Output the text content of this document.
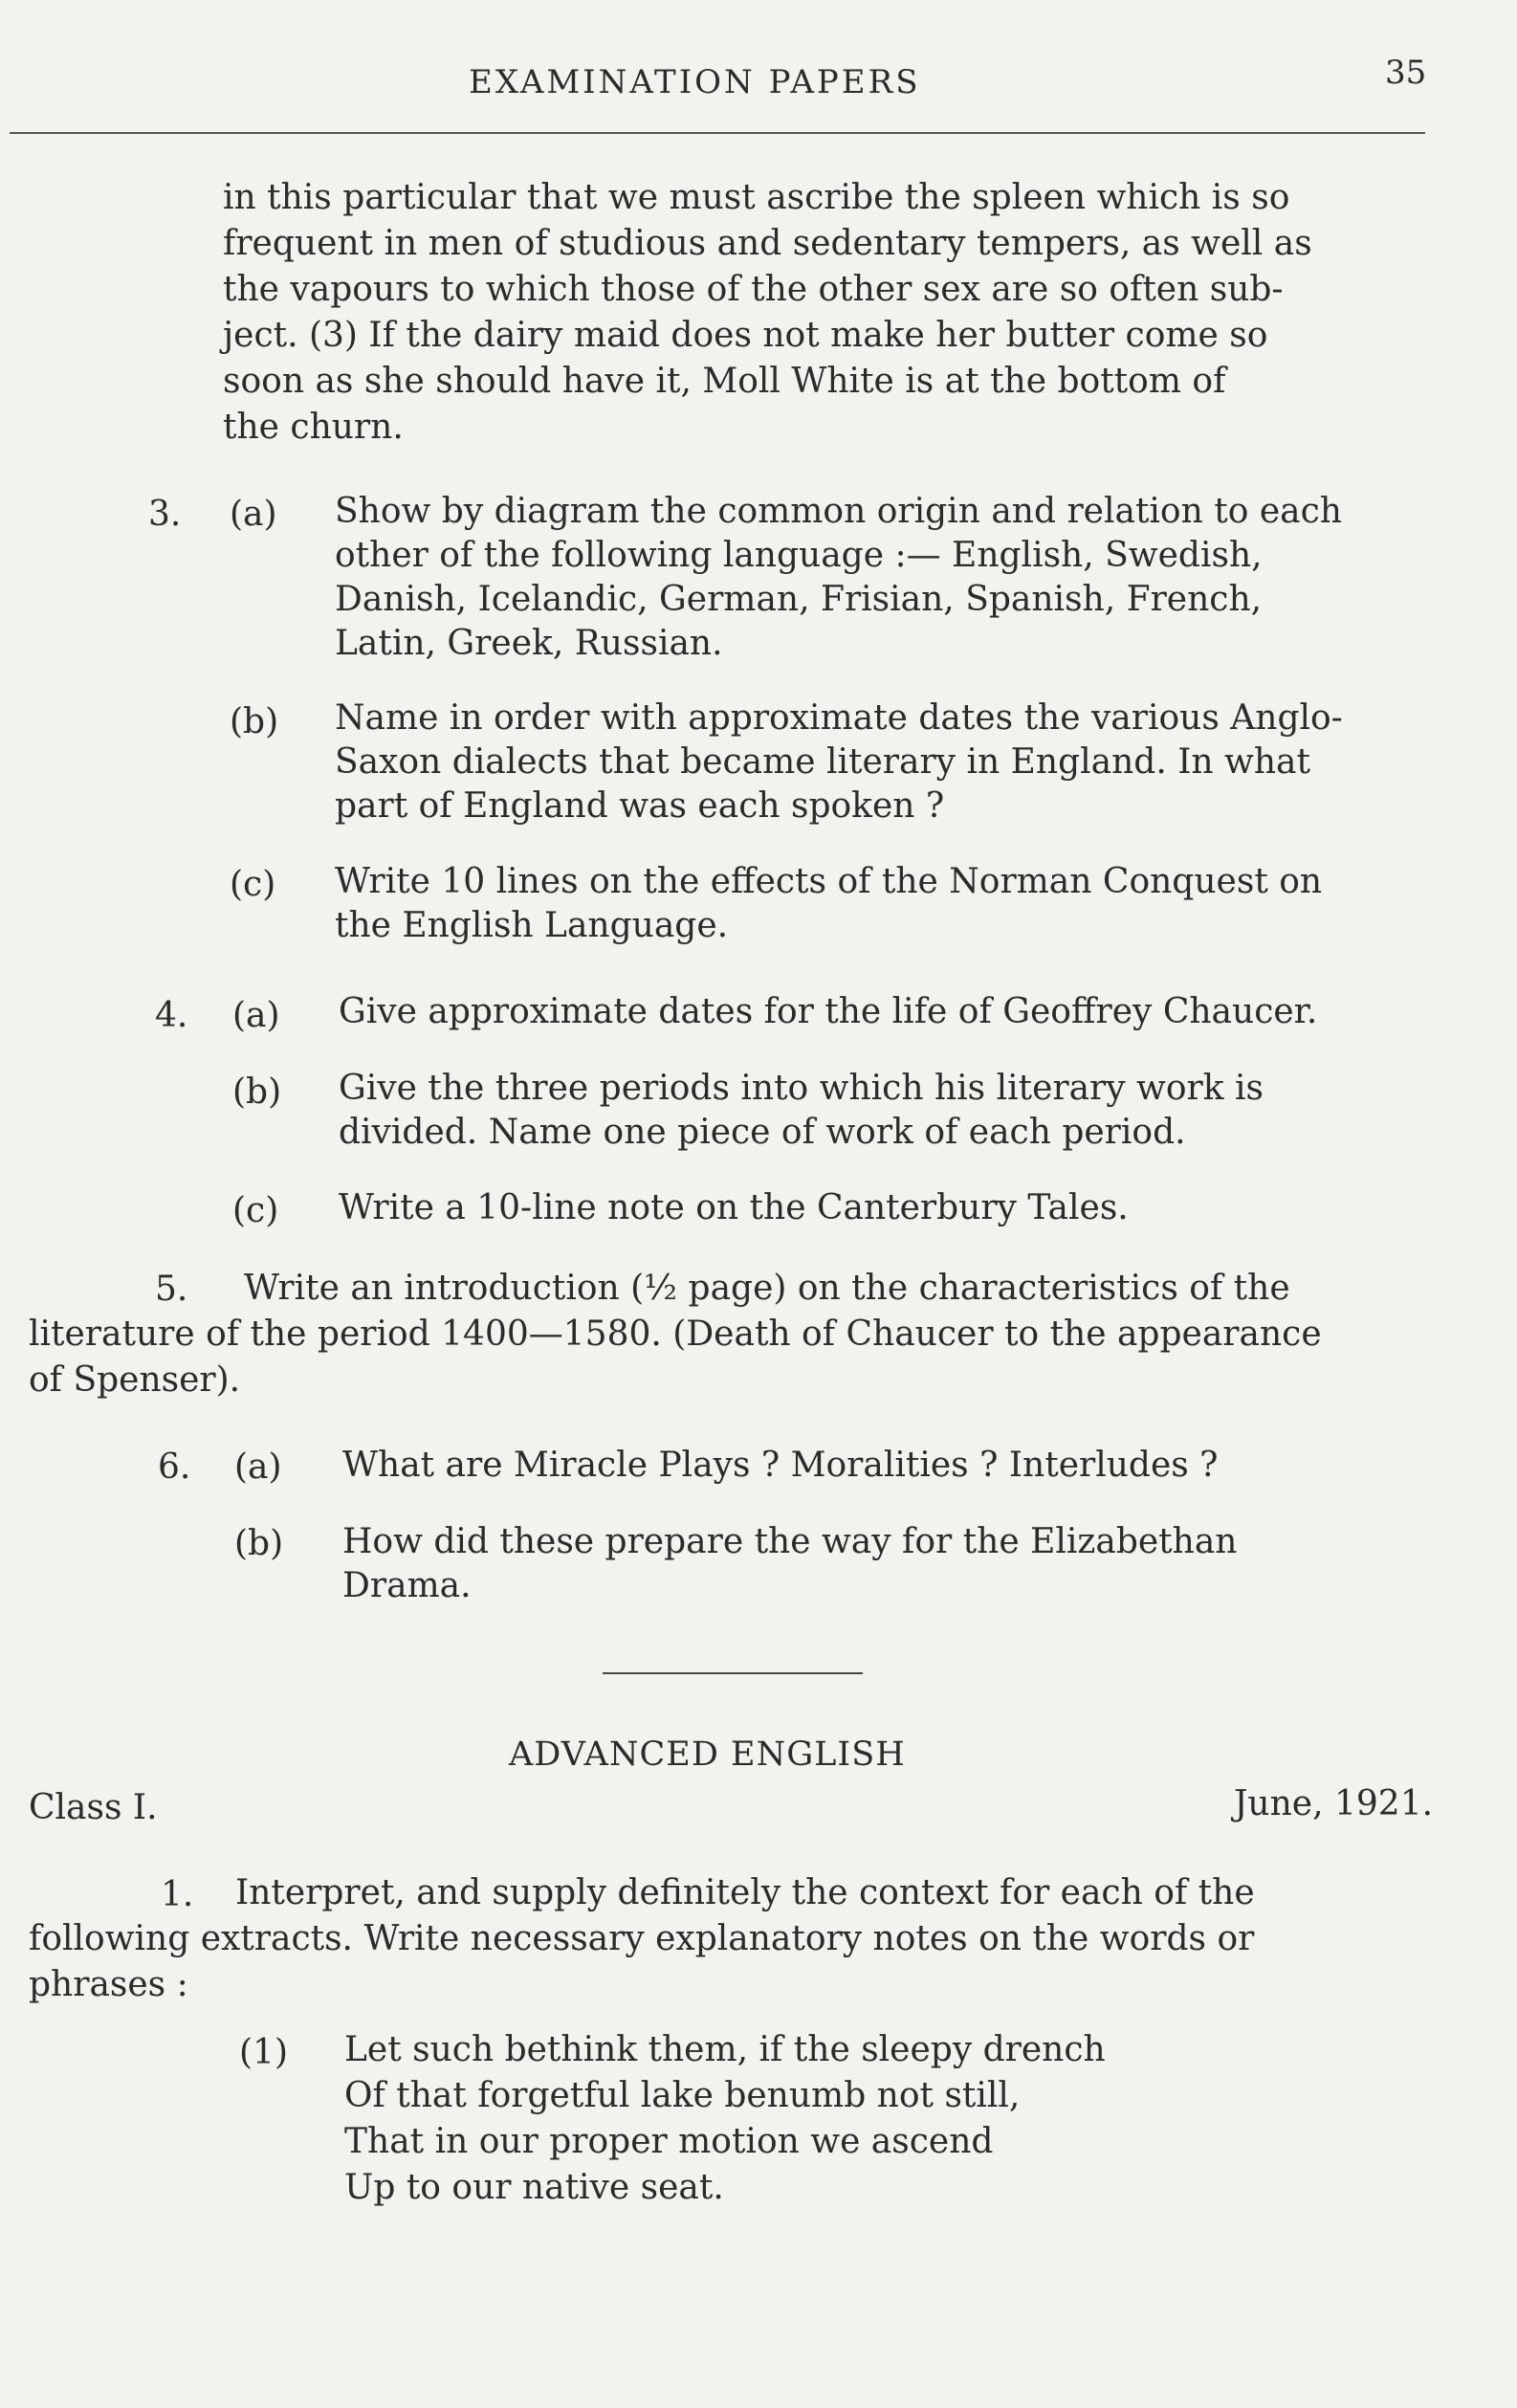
EXAMINATION PAPERS	35
in this particular that we must ascribe the spleen which is so
frequent in men of studious and sedentary tempers, as well as
the vapours to which those of the other sex are so often sub-
ject. (3) If the dairy maid does not make her butter come so
soon as she should have it, Moll White is at the bottom of
the churn.
3. (a) Show by diagram the common origin and relation to each
other of the following language :— English, Swedish,
Danish, Icelandic, German, Frisian, Spanish, French,
Latin, Greek, Russian.
(b) Name in order with approximate dates the various Anglo-
Saxon dialects that became literary in England. In what
part of England was each spoken ?
(c) Write 10 lines on the effects of the Norman Conquest on
the English Language.
4. (a) Give approximate dates for the life of Geoffrey Chaucer.
(b) Give the three periods into which his literary work is
divided. Name one piece of work of each period.
(c) Write a 10-line note on the Canterbury Tales.
5. Write an introduction (½ page) on the characteristics of the
literature of the period 1400—1580. (Death of Chaucer to the appearance
of Spenser).
6. (a) What are Miracle Plays ? Moralities ? Interludes ?
(b) How did these prepare the way for the Elizabethan
Drama.
ADVANCED ENGLISH
Class I.	June, 1921.
1. Interpret, and supply definitely the context for each of the
following extracts. Write necessary explanatory notes on the words or
phrases :
(1) Let such bethink them, if the sleepy drench
Of that forgetful lake benumb not still,
That in our proper motion we ascend
Up to our native seat.
